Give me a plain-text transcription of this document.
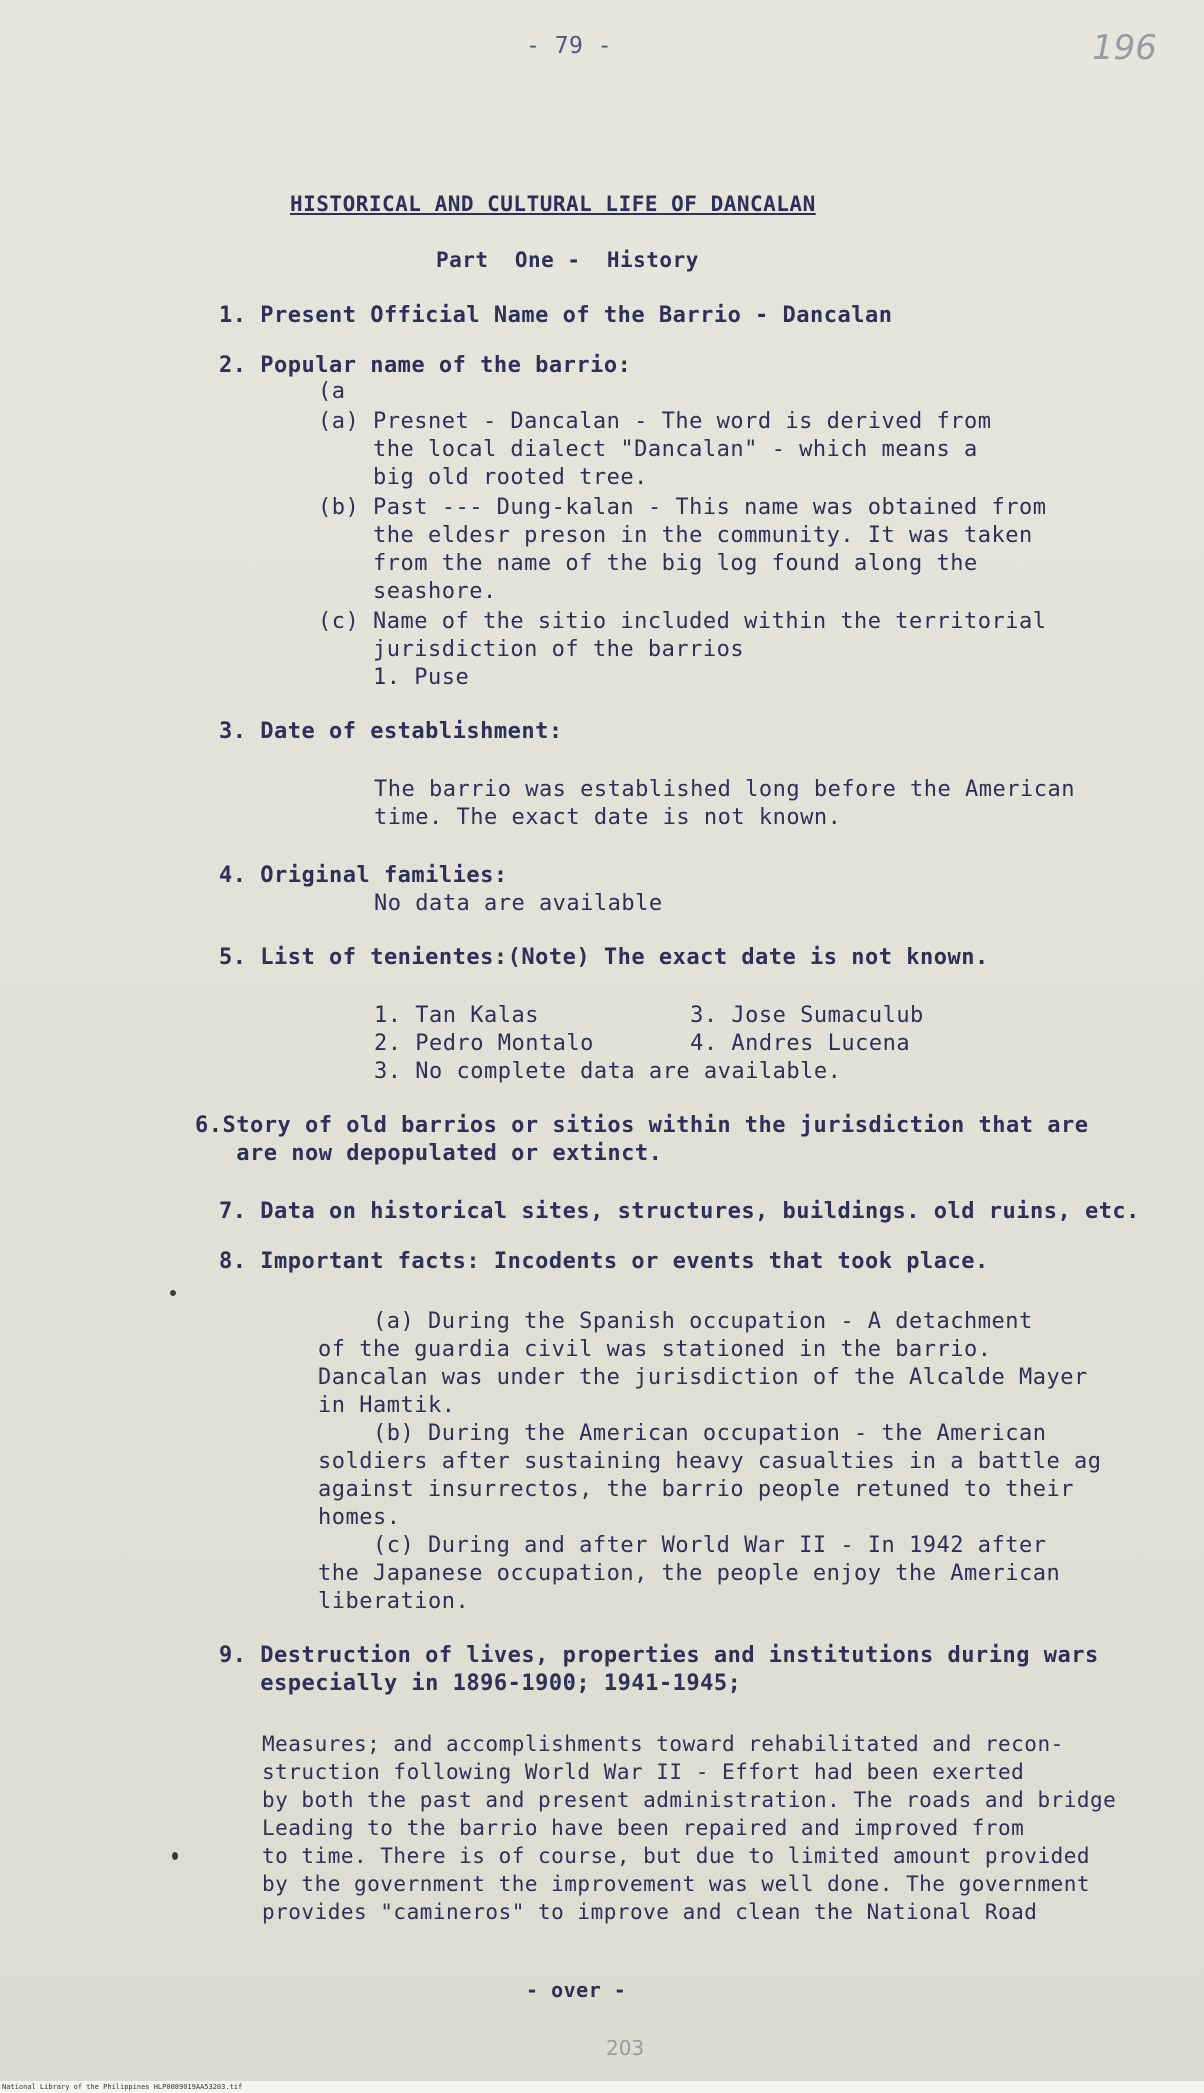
- 79 -	196
HISTORICAL AND CULTURAL LIFE OF DANCALAN
Part  One -  History
1. Present Official Name of the Barrio - Dancalan
2. Popular name of the barrio:
(a
(a) Presnet - Dancalan - The word is derived from
the local dialect "Dancalan" - which means a
big old rooted tree.
(b) Past --- Dung-kalan - This name was obtained from
the eldesr preson in the community. It was taken
from the name of the big log found along the
seashore.
(c) Name of the sitio included within the territorial
jurisdiction of the barrios
1. Puse
3. Date of establishment:
The barrio was established long before the American
time. The exact date is not known.
4. Original families:
No data are available
5. List of tenientes:(Note) The exact date is not known.
1. Tan Kalas           3. Jose Sumaculub
2. Pedro Montalo       4. Andres Lucena
3. No complete data are available.
6.Story of old barrios or sitios within the jurisdiction that are
are now depopulated or extinct.
7. Data on historical sites, structures, buildings. old ruins, etc.
8. Important facts: Incodents or events that took place.
(a) During the Spanish occupation - A detachment
of the guardia civil was stationed in the barrio.
Dancalan was under the jurisdiction of the Alcalde Mayer
in Hamtik.
(b) During the American occupation - the American
soldiers after sustaining heavy casualties in a battle ag
against insurrectos, the barrio people retuned to their
homes.
(c) During and after World War II - In 1942 after
the Japanese occupation, the people enjoy the American
liberation.
9. Destruction of lives, properties and institutions during wars
especially in 1896-1900; 1941-1945;
Measures; and accomplishments toward rehabilitated and recon-
struction following World War II - Effort had been exerted
by both the past and present administration. The roads and bridge
Leading to the barrio have been repaired and improved from
to time. There is of course, but due to limited amount provided
by the government the improvement was well done. The government
provides "camineros" to improve and clean the National Road
- over -
203
National Library of the Philippines HLP0089019AA53203.tif
